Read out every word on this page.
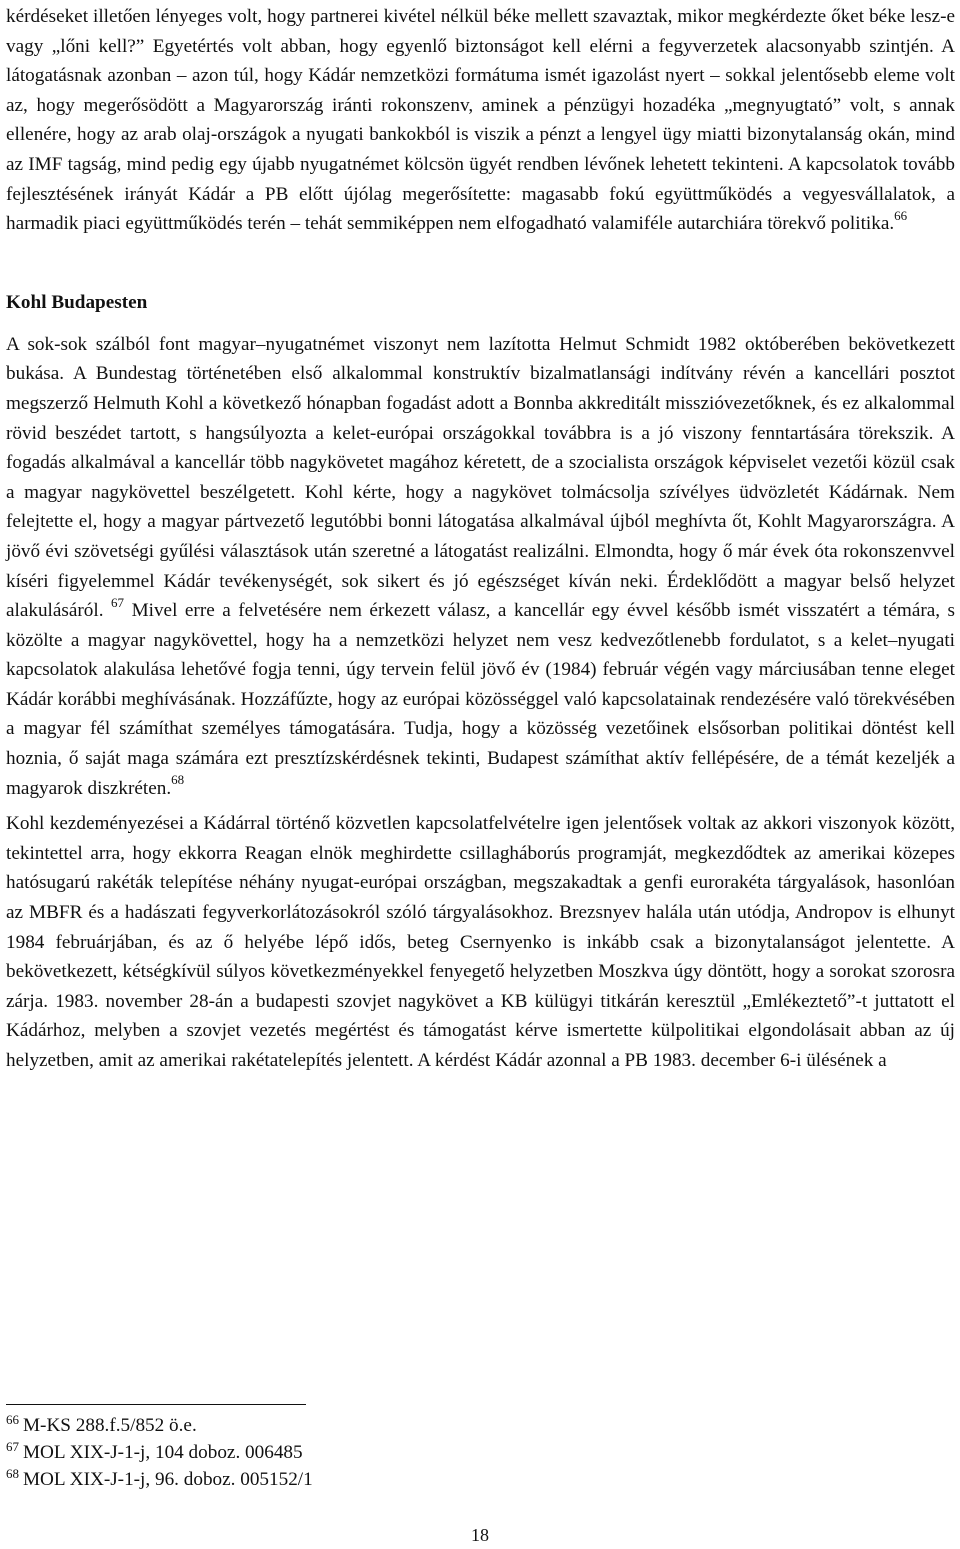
kérdéseket illetően lényeges volt, hogy partnerei kivétel nélkül béke mellett szavaztak, mikor megkérdezte őket béke lesz-e vagy „lőni kell?” Egyetértés volt abban, hogy egyenlő biztonságot kell elérni a fegyverzetek alacsonyabb szintjén. A látogatásnak azonban – azon túl, hogy Kádár nemzetközi formátuma ismét igazolást nyert – sokkal jelentősebb eleme volt az, hogy megerősödött a Magyarország iránti rokonszenv, aminek a pénzügyi hozadéka „megnyugtató” volt, s annak ellenére, hogy az arab olaj-országok a nyugati bankokból is viszik a pénzt a lengyel ügy miatti bizonytalanság okán, mind az IMF tagság, mind pedig egy újabb nyugatnémet kölcsön ügyét rendben lévőnek lehetett tekinteni. A kapcsolatok tovább fejlesztésének irányát Kádár a PB előtt újólag megerősítette: magasabb fokú együttműködés a vegyesvállalatok, a harmadik piaci együttműködés terén – tehát semmiképpen nem elfogadható valamiféle autarchiára törekvő politika.$^{66}$

Kohl Budapesten

A sok-sok szálból font magyar–nyugatnémet viszonyt nem lazította Helmut Schmidt 1982 októberében bekövetkezett bukása. A Bundestag történetében első alkalommal konstruktív bizalmatlansági indítvány révén a kancellári posztot megszerző Helmuth Kohl a következő hónapban fogadást adott a Bonnba akkreditált misszióvezetőknek, és ez alkalommal rövid beszédet tartott, s hangsúlyozta a kelet-európai országokkal továbbra is a jó viszony fenntartására törekszik. A fogadás alkalmával a kancellár több nagykövetet magához kéretett, de a szocialista országok képviselet vezetői közül csak a magyar nagykövettel beszélgetett. Kohl kérte, hogy a nagykövet tolmácsolja szívélyes üdvözletét Kádárnak. Nem felejtette el, hogy a magyar pártvezető legutóbbi bonni látogatása alkalmával újból meghívta őt, Kohlt Magyarországra. A jövő évi szövetségi gyűlési választások után szeretné a látogatást realizálni. Elmondta, hogy ő már évek óta rokonszenvvel kíséri figyelemmel Kádár tevékenységét, sok sikert és jó egészséget kíván neki. Érdeklődött a magyar belső helyzet alakulásáról. $^{67}$ Mivel erre a felvetésére nem érkezett válasz, a kancellár egy évvel később ismét visszatért a témára, s közölte a magyar nagykövettel, hogy ha a nemzetközi helyzet nem vesz kedvezőtlenebb fordulatot, s a kelet–nyugati kapcsolatok alakulása lehetővé fogja tenni, úgy tervein felül jövő év (1984) február végén vagy márciusában tenne eleget Kádár korábbi meghívásának. Hozzáfűzte, hogy az európai közösséggel való kapcsolatainak rendezésére való törekvésében a magyar fél számíthat személyes támogatására. Tudja, hogy a közösség vezetőinek elsősorban politikai döntést kell hoznia, ő saját maga számára ezt presztízskérdésnek tekinti, Budapest számíthat aktív fellépésére, de a témát kezeljék a magyarok diszkréten.$^{68}$

Kohl kezdeményezései a Kádárral történő közvetlen kapcsolatfelvételre igen jelentősek voltak az akkori viszonyok között, tekintettel arra, hogy ekkorra Reagan elnök meghirdette csillagháborús programját, megkezdődtek az amerikai közepes hatósugarú rakéták telepítése néhány nyugat-európai országban, megszakadtak a genfi eurorakéta tárgyalások, hasonlóan az MBFR és a hadászati fegyverkorlátozásokról szóló tárgyalásokhoz. Brezsnyev halála után utódja, Andropov is elhunyt 1984 februárjában, és az ő helyébe lépő idős, beteg Csernyenko is inkább csak a bizonytalanságot jelentette. A bekövetkezett, kétségkívül súlyos következményekkel fenyegető helyzetben Moszkva úgy döntött, hogy a sorokat szorosra zárja. 1983. november 28-án a budapesti szovjet nagykövet a KB külügyi titkárán keresztül „Emlékeztető”-t juttatott el Kádárhoz, melyben a szovjet vezetés megértést és támogatást kérve ismertette külpolitikai elgondolásait abban az új helyzetben, amit az amerikai rakétatelepítés jelentett. A kérdést Kádár azonnal a PB 1983. december 6-i ülésének a

$^{66}$ M-KS 288.f.5/852 ö.e.
$^{67}$ MOL XIX-J-1-j, 104 doboz. 006485
$^{68}$ MOL XIX-J-1-j, 96. doboz. 005152/1
18
